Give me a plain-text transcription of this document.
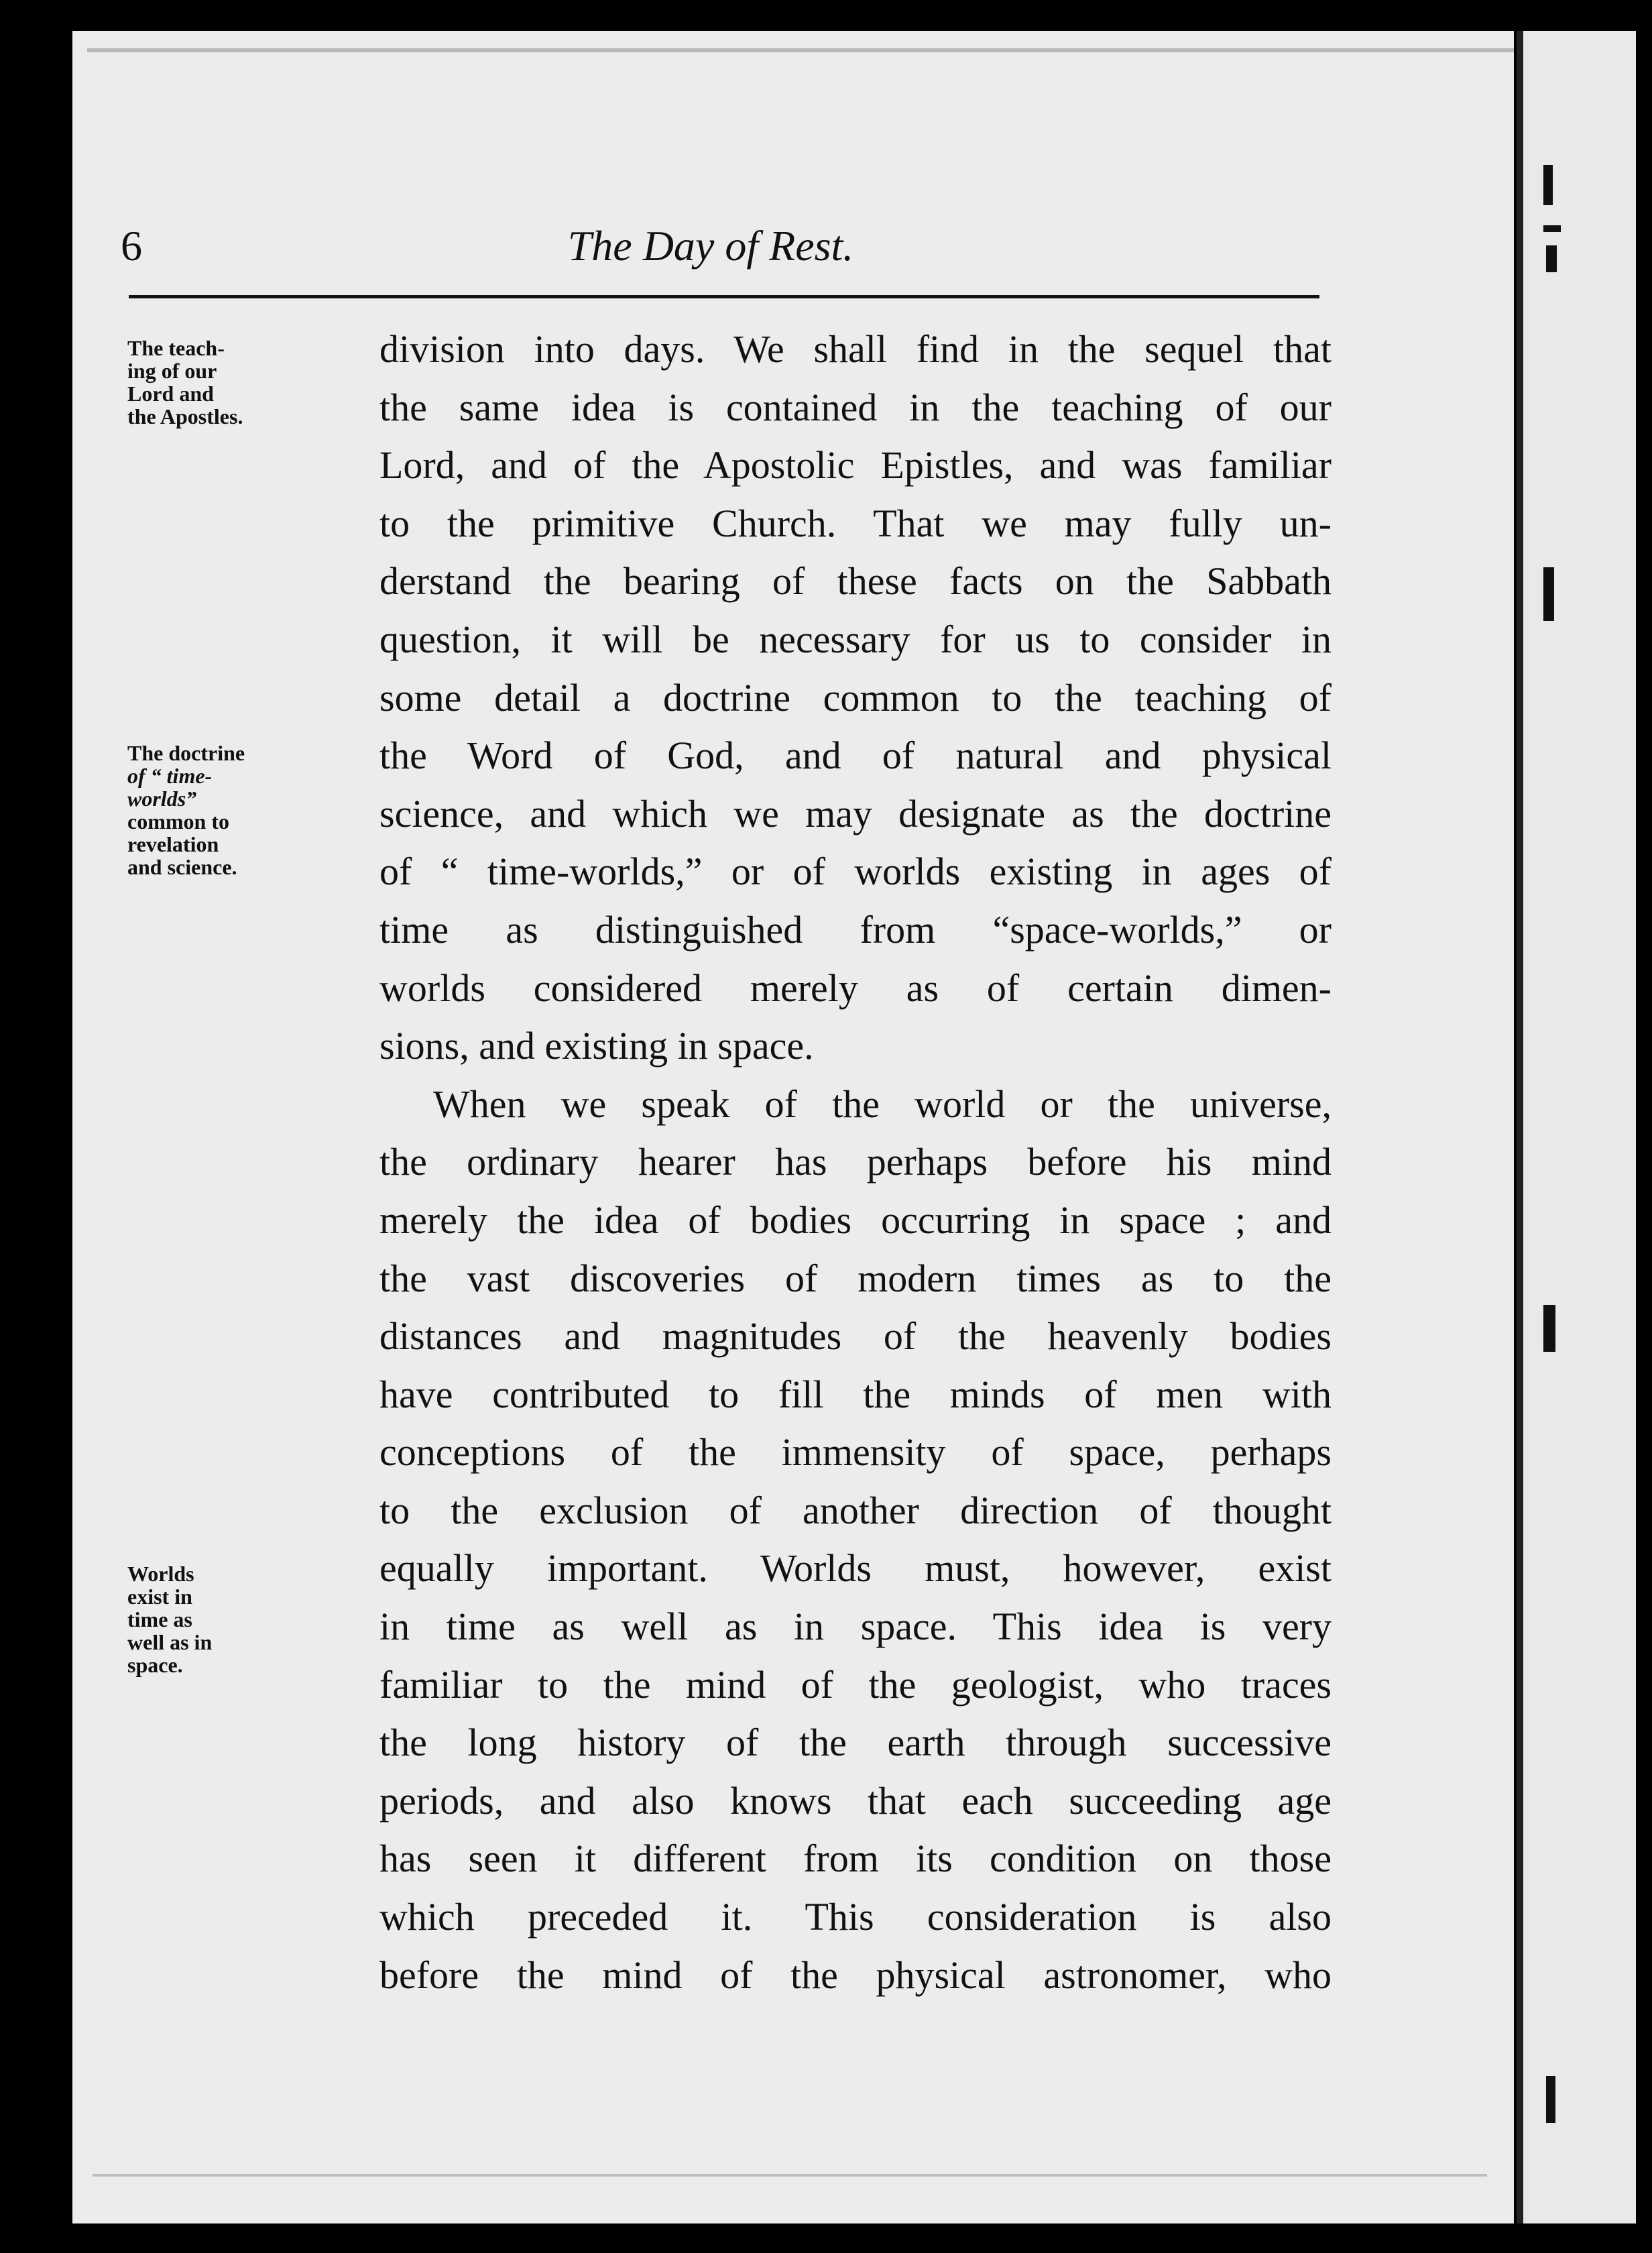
6	The Day of Rest.
The teach-
ing of our
Lord and
the Apostles.
The doctrine
of “ time-
worlds”
common to
revelation
and science.
Worlds
exist in
time as
well as in
space.
division into days. We shall find in the sequel that
the same idea is contained in the teaching of our
Lord, and of the Apostolic Epistles, and was familiar
to the primitive Church. That we may fully un-
derstand the bearing of these facts on the Sabbath
question, it will be necessary for us to consider in
some detail a doctrine common to the teaching of
the Word of God, and of natural and physical
science, and which we may designate as the doctrine
of “ time-worlds,” or of worlds existing in ages of
time as distinguished from “space-worlds,” or
worlds considered merely as of certain dimen-
sions, and existing in space.
When we speak of the world or the universe,
the ordinary hearer has perhaps before his mind
merely the idea of bodies occurring in space ; and
the vast discoveries of modern times as to the
distances and magnitudes of the heavenly bodies
have contributed to fill the minds of men with
conceptions of the immensity of space, perhaps
to the exclusion of another direction of thought
equally important. Worlds must, however, exist
in time as well as in space. This idea is very
familiar to the mind of the geologist, who traces
the long history of the earth through successive
periods, and also knows that each succeeding age
has seen it different from its condition on those
which preceded it. This consideration is also
before the mind of the physical astronomer, who
